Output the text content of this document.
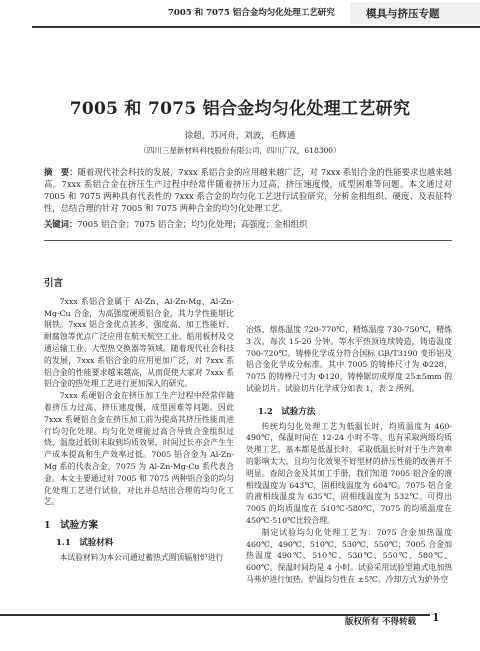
7005 和 7075 铝合金均匀化处理工艺研究	模具与挤压专题
7005 和 7075 铝合金均匀化处理工艺研究
徐超，苏河舟，刘波，毛辉通
（四川三星新材料科技股份有限公司，四川广汉，618300）
摘　要：随着现代社会科技的发展，7xxx 系铝合金的应用越来越广泛，对 7xxx 系铝合金的性能要求也越来越高。7xxx 系铝合金在挤压生产过程中经常伴随着挤压力过高，挤压速度慢，成型困难等问题。本文通过对 7005 和 7075 两种具有代表性的 7xxx 系合金的均匀化工艺进行试验研究，分析金相组织、硬度、及表征特性，总结合理的针对 7005 和 7075 两种合金的均匀化处理工艺。
关键词：7005 铝合金；7075 铝合金；均匀化处理；高强度；金相组织
引言

7xxx 系铝合金属于 Al-Zn、Al-Zn-Mg、Al-Zn-Mg-Cu 合金，为高强度硬质铝合金，其力学性能堪比钢铁。7xxx 铝合金优点甚多，强度高、加工性能好、耐腐蚀等优点广泛应用在航天航空工业、船用板材及交通运输工业、大型热交换器等领域。随着现代社会科技的发展，7xxx 系铝合金的应用更加广泛，对 7xxx 系铝合金的性能要求越来越高，从而促使大家对 7xxx 系铝合金的热处理工艺进行更加深入的研究。

7xxx 系硬铝合金在挤压加工生产过程中经常伴随着挤压力过高，挤压速度慢，成型困难等问题。因此 7xxx 系硬铝合金在挤压加工前为提高其挤压性能而进行均匀化处理。均匀化处理能过高合导致合金组织过烧，温度过低则未取到均质效果，时间过长亦会产生生产成本提高和生产效率过低。7005 铝合金为 Al-Zn-Mg 系的代表合金，7075 为 Al-Zn-Mg-Cu 系代表合金。本文主要通过对 7005 和 7075 两种铝合金的均匀化处理工艺进行试验，对比并总结出合理的均匀化工艺。

1　试验方案
1.1　试验材料

本试验材料为本公司通过蓄热式圆顶辐射炉进行

冶炼，熔炼温度 720-770℃，精炼温度 730-750℃，精炼 3 次，每次 15-20 分钟。等水平热顶连续铸造，铸造温度 700-720℃。铸棒化学成分符合国标 GB/T3190 变形铝及铝合金化学成分标准。其中 7005 的铸棒尺寸为 Φ228，7075 的铸棒尺寸为 Φ120，铸棒锯切成厚度 25±5mm 的试验切片。试验切片化学成分如表 1，表 2 所列。

1.2　试验方法

传统均匀化处理工艺为低温长时，均质温度为 460-490℃，保温时间在 12-24 小时不等。也有采取两级均质处理工艺，基本都是低温长时。采取低温长时对于生产效率的影响太大，且均匀化效果不好型材的挤压性能的改善并不明显。查阅合金及其加工手册，我们知道 7005 铝合金的液相线温度为 643℃，固相线温度为 604℃。7075 铝合金的液相线温度为 635℃，固相线温度为 532℃。可得出 7005 的均质温度在 510℃-580℃，7075 的均质温度在 450℃-510℃比较合理。

制定试验均匀化处理工艺为：7075 合金加热温度 460℃、490℃、510℃、530℃、550℃；7005 合金加热温度 490℃、510℃、530℃、550℃、580℃、600℃。保温时间均是 4 小时。试验采用试验型箱式电加热马弗炉进行加热。炉温均匀性在 ±5℃。冷却方式为炉外空

版权所有 不得转载 1
